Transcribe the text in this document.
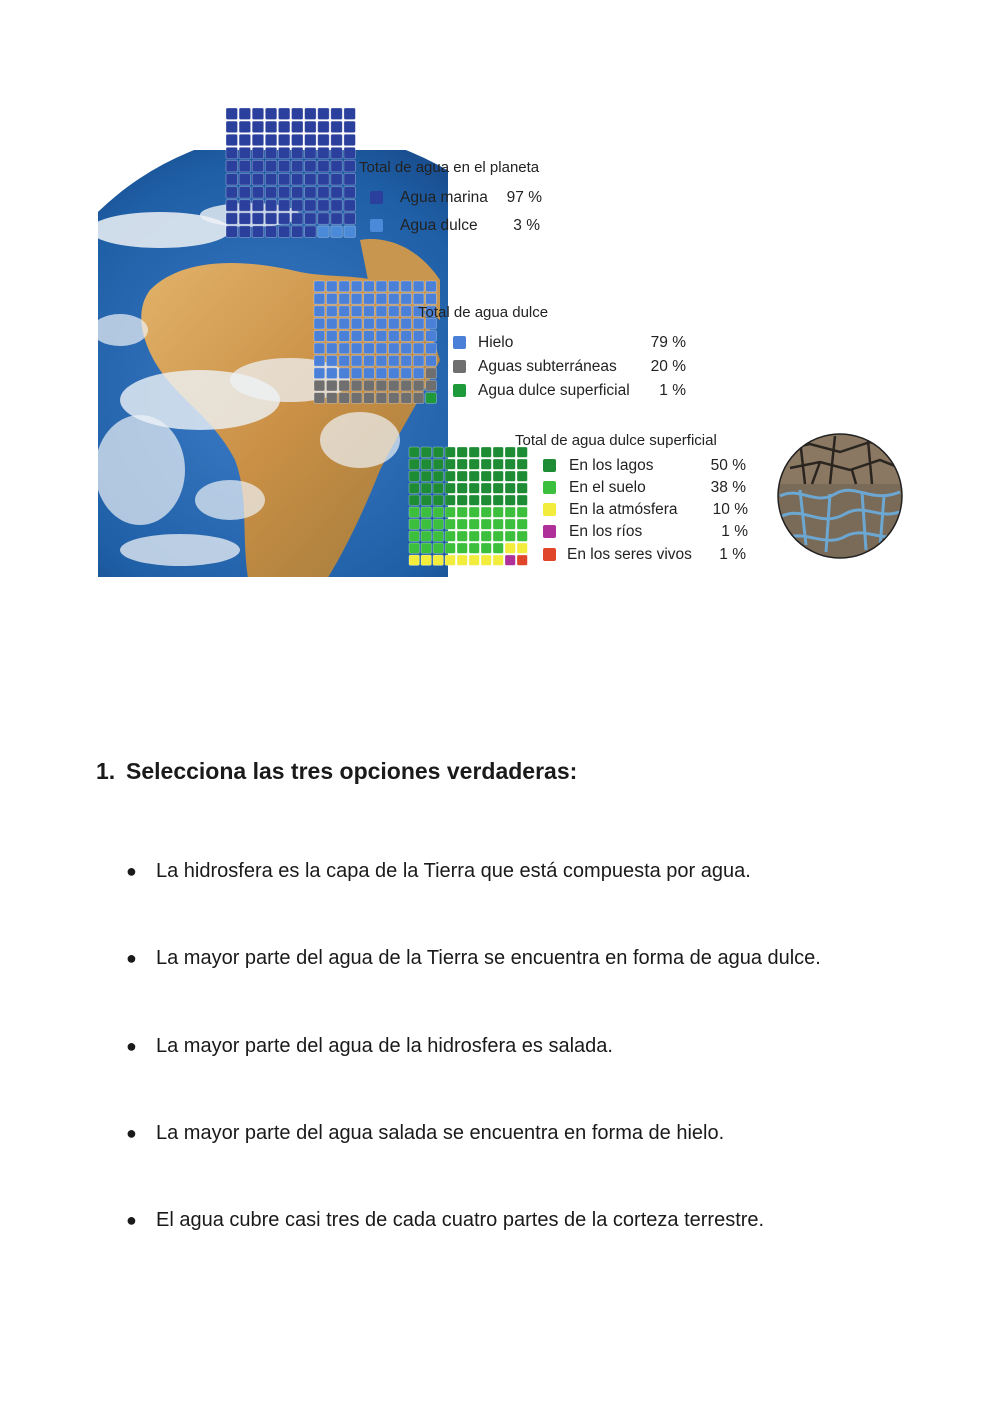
Total de agua en el planeta
Agua marina 97 %
Agua dulce 3 %
Total de agua dulce
Hielo	79 %
Aguas subterráneas 20 %
Agua dulce superficial 1 %
Total de agua dulce superficial
En los lagos	50 %
En el suelo	38 %
En la atmósfera 10 %
En los ríos	1 %
En los seres vivos 1 %
1. Selecciona las tres opciones verdaderas:
● La hidrosfera es la capa de la Tierra que está compuesta por agua.
● La mayor parte del agua de la Tierra se encuentra en forma de agua dulce.
● La mayor parte del agua de la hidrosfera es salada.
● La mayor parte del agua salada se encuentra en forma de hielo.
● El agua cubre casi tres de cada cuatro partes de la corteza terrestre.
